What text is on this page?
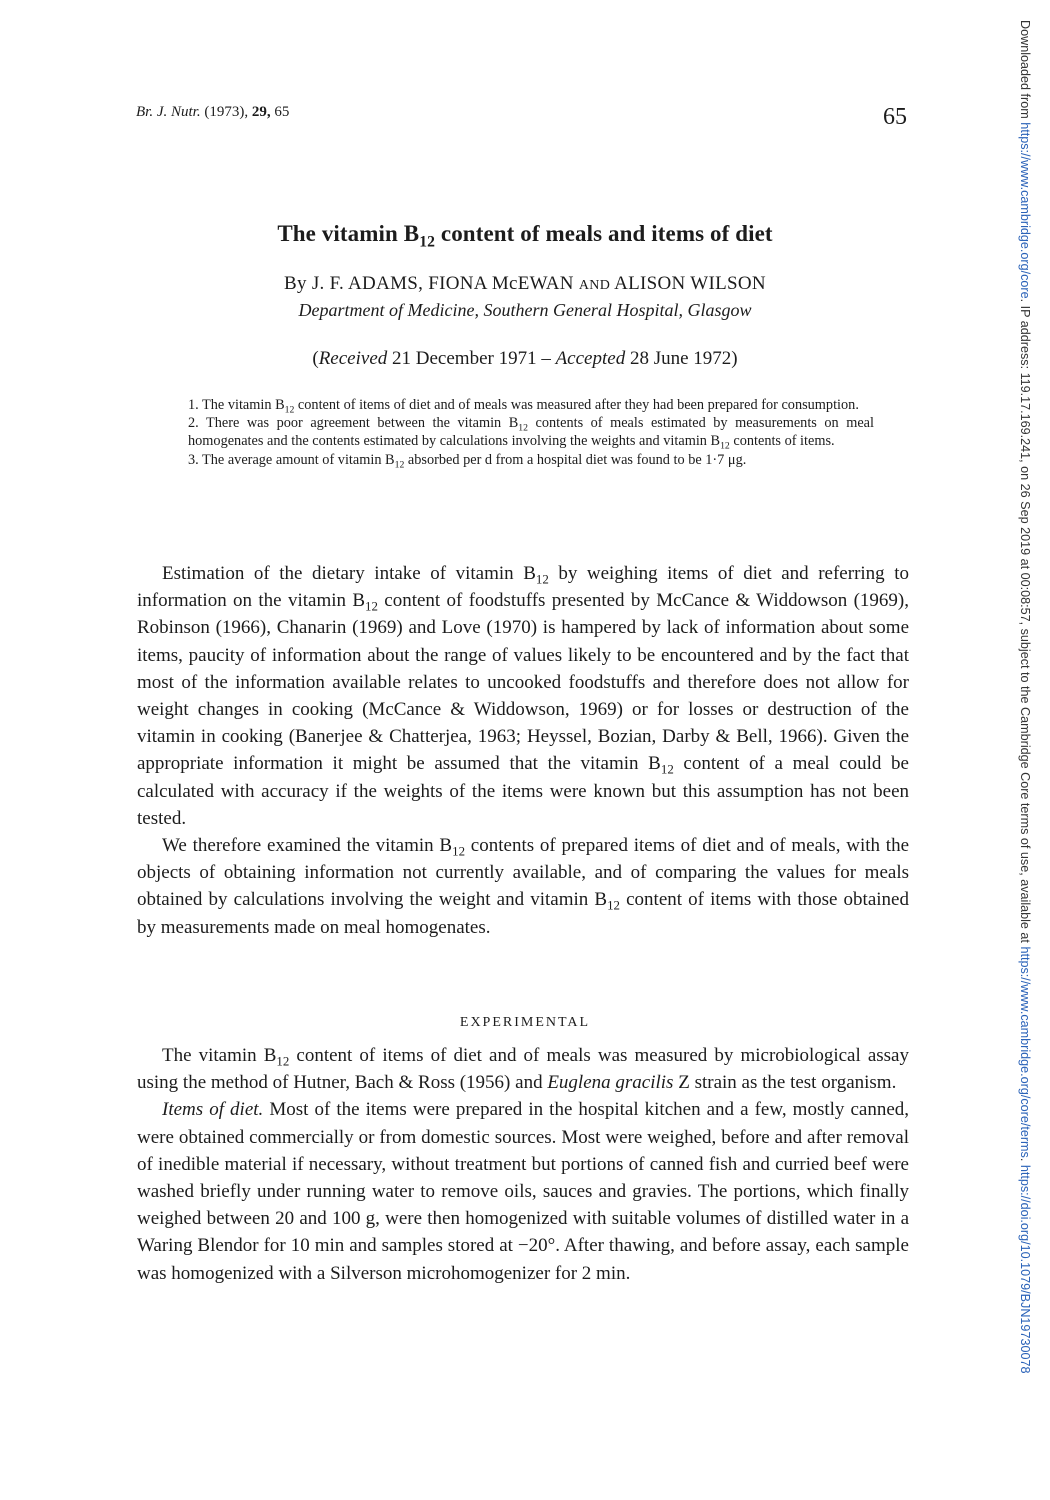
Br. J. Nutr. (1973), 29, 65	65
The vitamin $B_{12}$ content of meals and items of diet
By J. F. ADAMS, FIONA McEWAN AND ALISON WILSON
Department of Medicine, Southern General Hospital, Glasgow
(Received 21 December 1971 – Accepted 28 June 1972)

1. The vitamin $B_{12}$ content of items of diet and of meals was measured after they had been prepared for consumption.

2. There was poor agreement between the vitamin $B_{12}$ contents of meals estimated by measurements on meal homogenates and the contents estimated by calculations involving the weights and vitamin $B_{12}$ contents of items.

3. The average amount of vitamin $B_{12}$ absorbed per d from a hospital diet was found to be 1·7 μg.

Estimation of the dietary intake of vitamin $B_{12}$ by weighing items of diet and referring to information on the vitamin $B_{12}$ content of foodstuffs presented by McCance & Widdowson (1969), Robinson (1966), Chanarin (1969) and Love (1970) is hampered by lack of information about some items, paucity of information about the range of values likely to be encountered and by the fact that most of the information available relates to uncooked foodstuffs and therefore does not allow for weight changes in cooking (McCance & Widdowson, 1969) or for losses or destruction of the vitamin in cooking (Banerjee & Chatterjea, 1963; Heyssel, Bozian, Darby & Bell, 1966). Given the appropriate information it might be assumed that the vitamin $B_{12}$ content of a meal could be calculated with accuracy if the weights of the items were known but this assumption has not been tested.

We therefore examined the vitamin $B_{12}$ contents of prepared items of diet and of meals, with the objects of obtaining information not currently available, and of comparing the values for meals obtained by calculations involving the weight and vitamin $B_{12}$ content of items with those obtained by measurements made on meal homogenates.

EXPERIMENTAL

The vitamin $B_{12}$ content of items of diet and of meals was measured by microbiological assay using the method of Hutner, Bach & Ross (1956) and Euglena gracilis Z strain as the test organism.

Items of diet. Most of the items were prepared in the hospital kitchen and a few, mostly canned, were obtained commercially or from domestic sources. Most were weighed, before and after removal of inedible material if necessary, without treatment but portions of canned fish and curried beef were washed briefly under running water to remove oils, sauces and gravies. The portions, which finally weighed between 20 and 100 g, were then homogenized with suitable volumes of distilled water in a Waring Blendor for 10 min and samples stored at −20°. After thawing, and before assay, each sample was homogenized with a Silverson microhomogenizer for 2 min.

Downloaded from https://www.cambridge.org/core. IP address: 119.17.169.241, on 26 Sep 2019 at 00:08:57, subject to the Cambridge Core terms of use, available at https://www.cambridge.org/core/terms. https://doi.org/10.1079/BJN19730078
